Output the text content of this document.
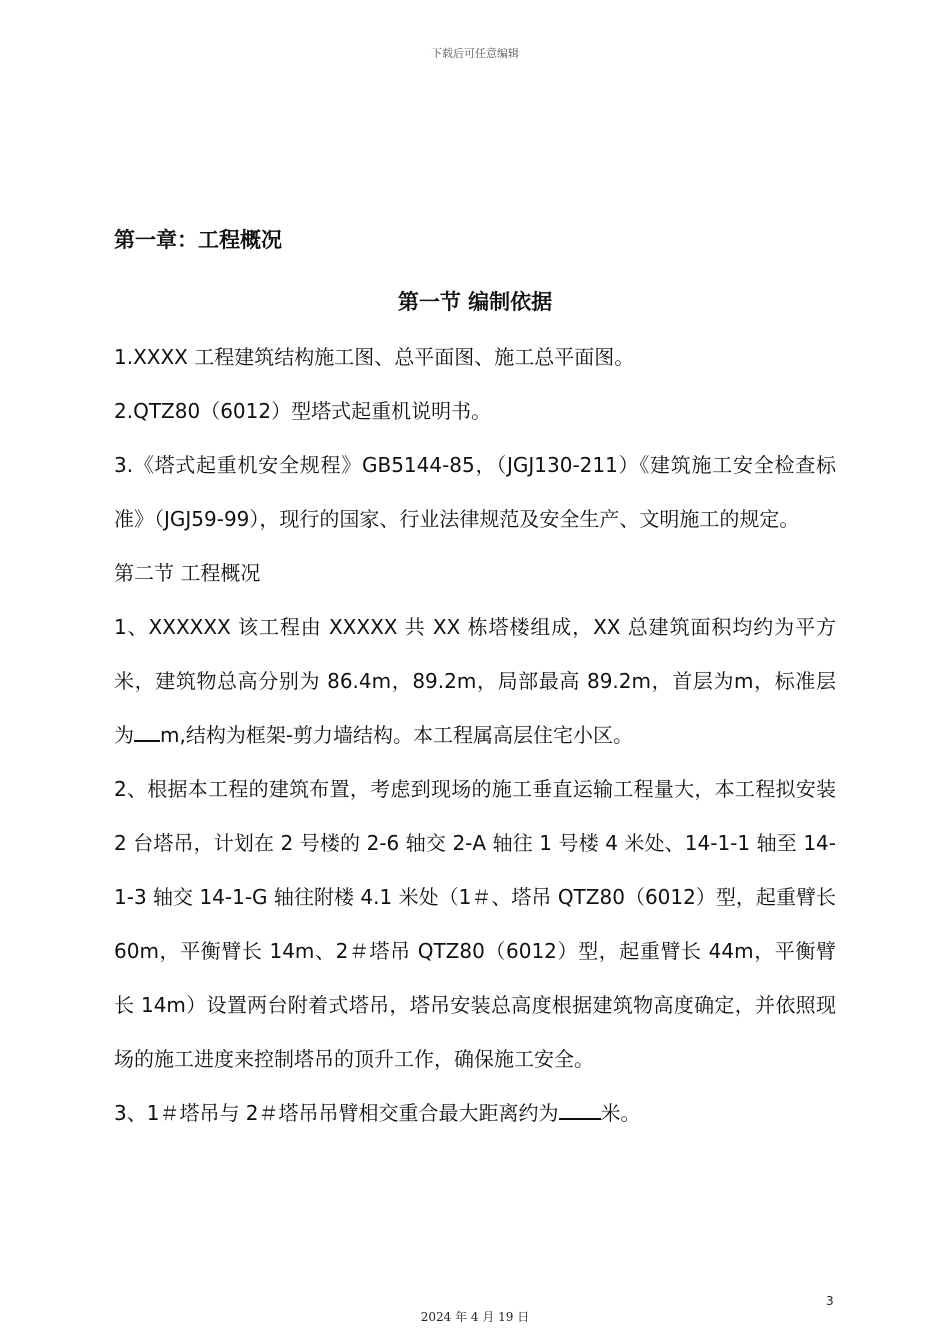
下载后可任意编辑
第一章：工程概况
第一节 编制依据

1.XXXX 工程建筑结构施工图、总平面图、施工总平面图。

2.QTZ80（6012）型塔式起重机说明书。

3.《塔式起重机安全规程》GB5144-85，（JGJ130-211）《建筑施工安全检查标准》（JGJ59-99），现行的国家、行业法律规范及安全生产、文明施工的规定。

第二节 工程概况

1、XXXXXX 该工程由 XXXXX 共 XX 栋塔楼组成，XX 总建筑面积均约为平方米，建筑物总高分别为 86.4m，89.2m，局部最高 89.2m，首层为m，标准层为 m,结构为框架-剪力墙结构。本工程属高层住宅小区。

2、根据本工程的建筑布置，考虑到现场的施工垂直运输工程量大，本工程拟安装 2 台塔吊，计划在 2 号楼的 2-6 轴交 2-A 轴往 1 号楼 4 米处、14-1-1 轴至 14-1-3 轴交 14-1-G 轴往附楼 4.1 米处（1＃、塔吊 QTZ80（6012）型，起重臂长 60m，平衡臂长 14m、2＃塔吊 QTZ80（6012）型，起重臂长 44m，平衡臂长 14m）设置两台附着式塔吊，塔吊安装总高度根据建筑物高度确定，并依照现场的施工进度来控制塔吊的顶升工作，确保施工安全。

3、1＃塔吊与 2＃塔吊吊臂相交重合最大距离约为 米。

3
2024 年 4 月 19 日
